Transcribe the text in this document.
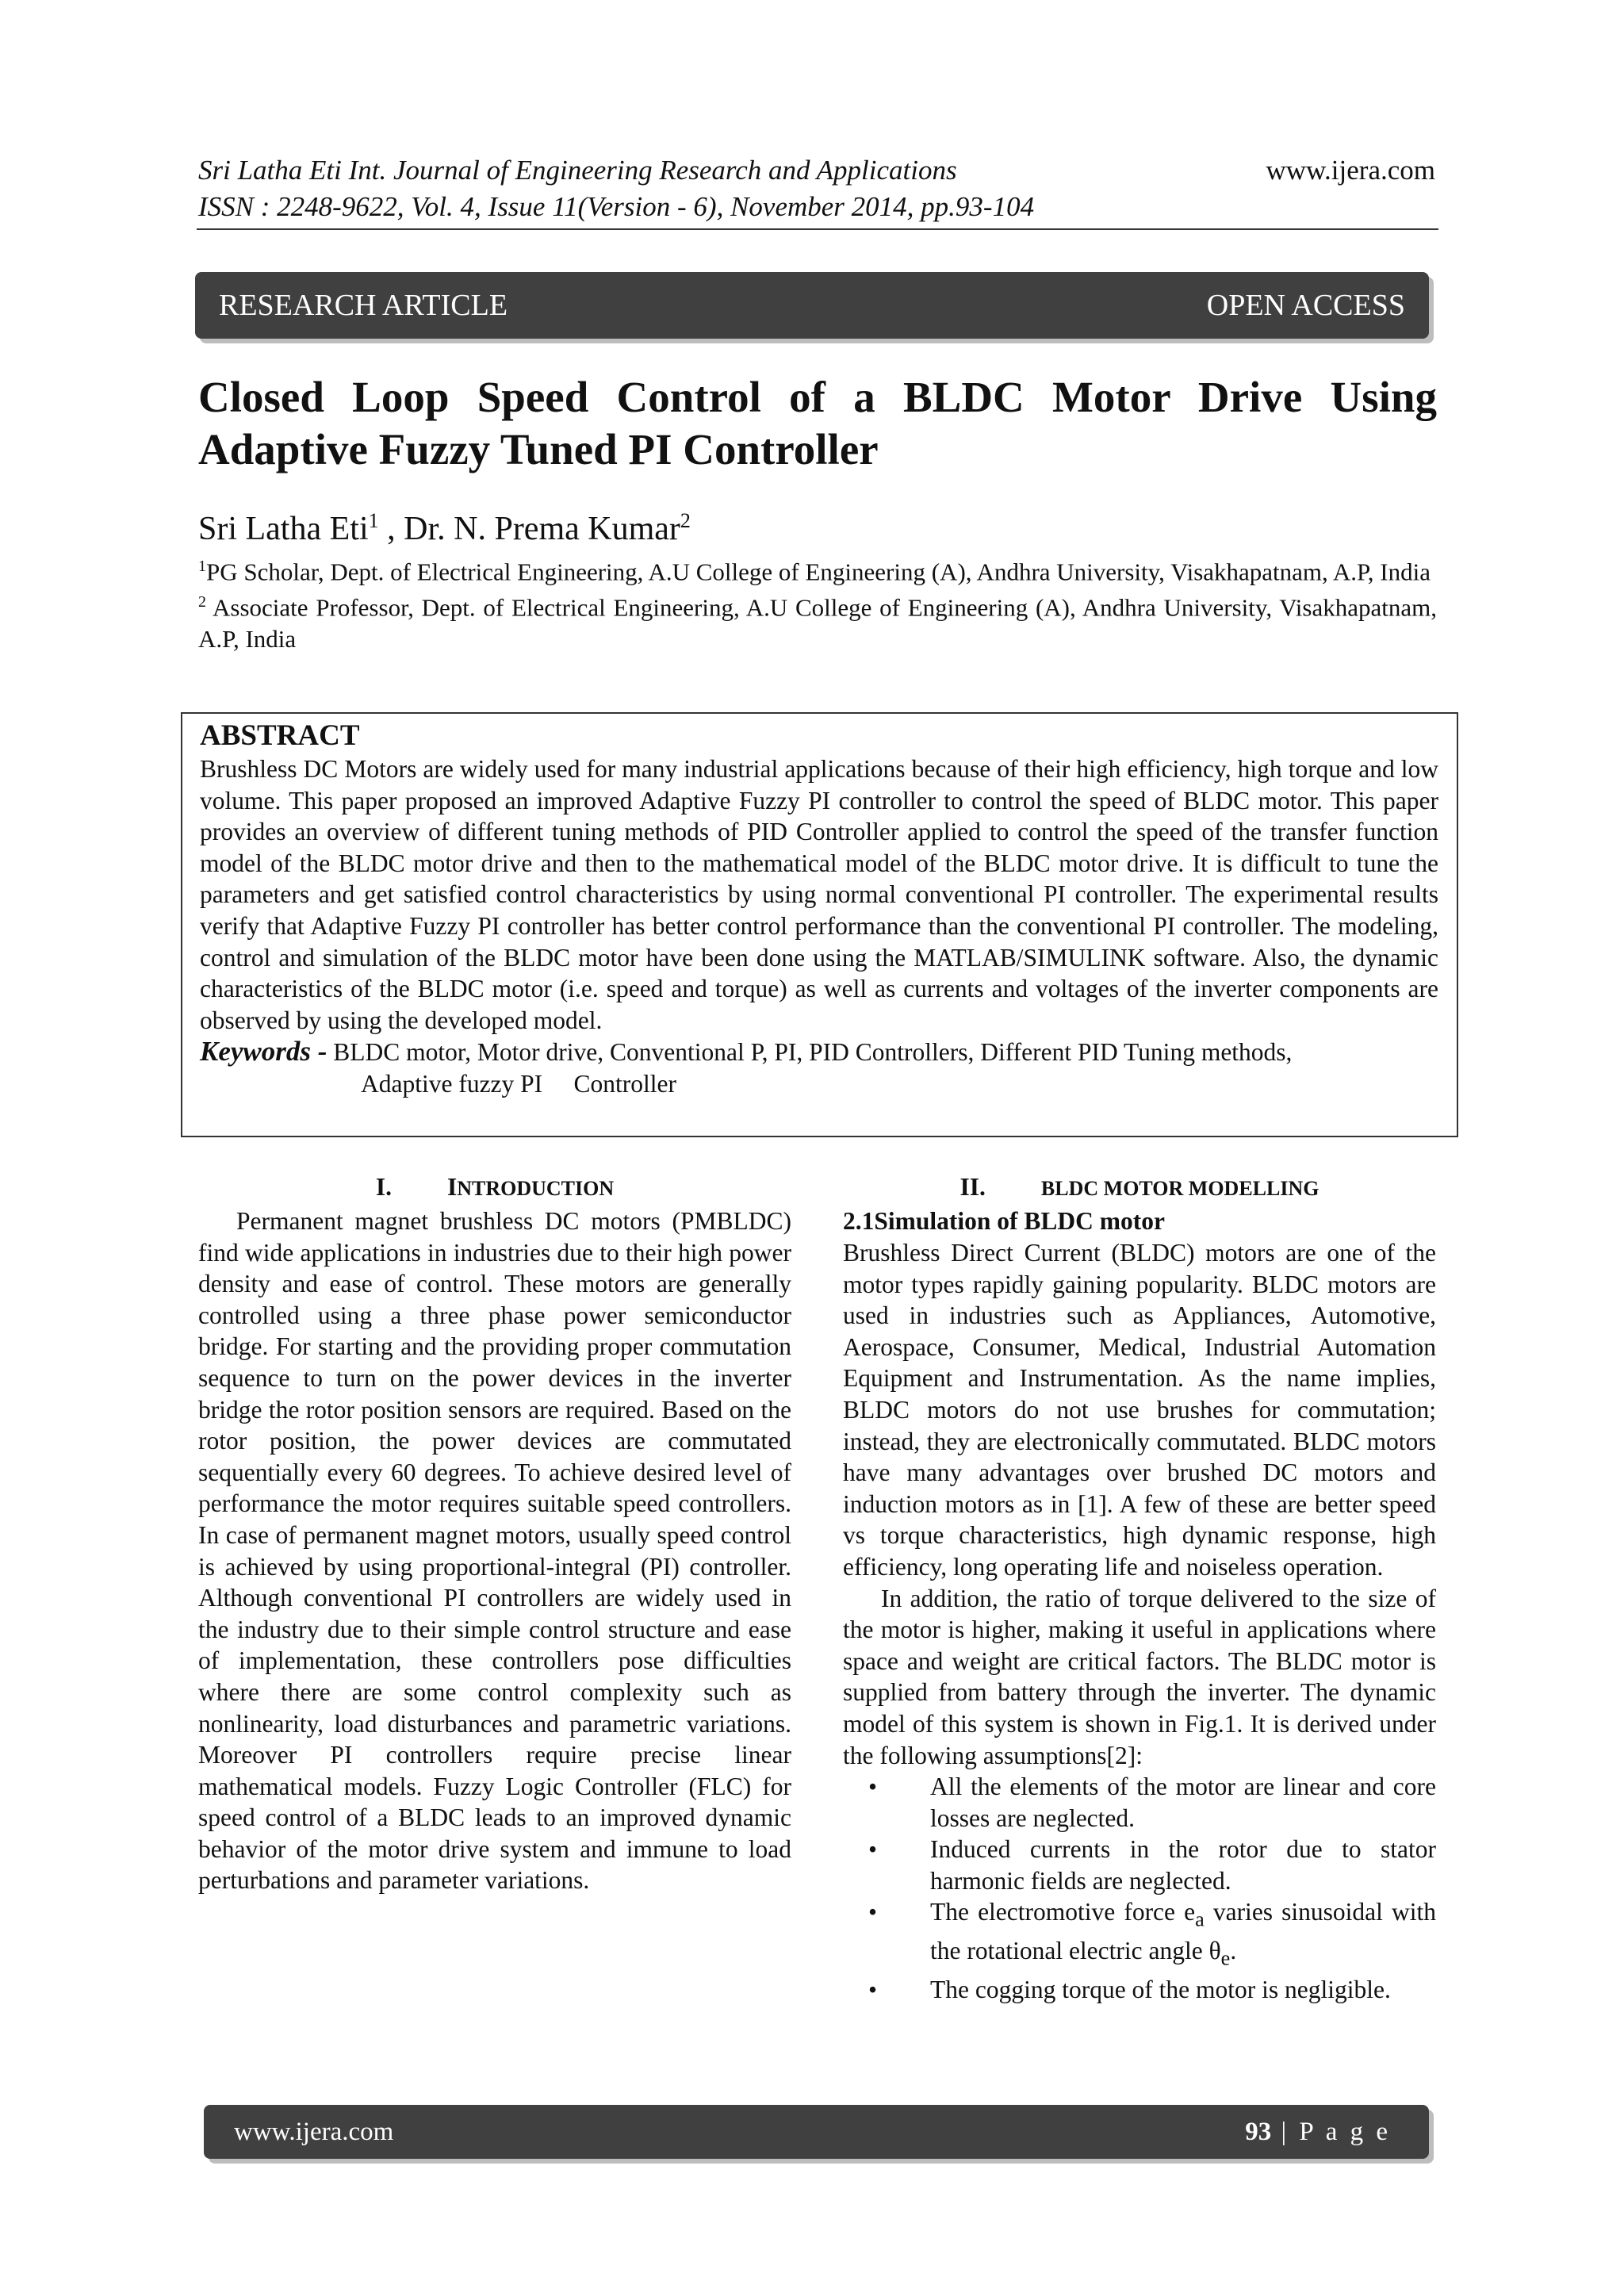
Sri Latha Eti Int. Journal of Engineering Research and Applications
ISSN : 2248-9622, Vol. 4, Issue 11(Version - 6), November 2014, pp.93-104
www.ijera.com
RESEARCH ARTICLE	OPEN ACCESS
Closed Loop Speed Control of a BLDC Motor Drive Using Adaptive Fuzzy Tuned PI Controller
Sri Latha Eti$^1$ , Dr. N. Prema Kumar$^2$

$^1$PG Scholar, Dept. of Electrical Engineering, A.U College of Engineering (A), Andhra University, Visakhapatnam, A.P, India

$^2$ Associate Professor, Dept. of Electrical Engineering, A.U College of Engineering (A), Andhra University, Visakhapatnam, A.P, India

ABSTRACT

Brushless DC Motors are widely used for many industrial applications because of their high efficiency, high torque and low volume. This paper proposed an improved Adaptive Fuzzy PI controller to control the speed of BLDC motor. This paper provides an overview of different tuning methods of PID Controller applied to control the speed of the transfer function model of the BLDC motor drive and then to the mathematical model of the BLDC motor drive. It is difficult to tune the parameters and get satisfied control characteristics by using normal conventional PI controller. The experimental results verify that Adaptive Fuzzy PI controller has better control performance than the conventional PI controller. The modeling, control and simulation of the BLDC motor have been done using the MATLAB/SIMULINK software. Also, the dynamic characteristics of the BLDC motor (i.e. speed and torque) as well as currents and voltages of the inverter components are observed by using the developed model.

Keywords - BLDC motor, Motor drive, Conventional P, PI, PID Controllers, Different PID Tuning methods,

Adaptive fuzzy PI     Controller

I. INTRODUCTION

Permanent magnet brushless DC motors (PMBLDC) find wide applications in industries due to their high power density and ease of control. These motors are generally controlled using a three phase power semiconductor bridge. For starting and the providing proper commutation sequence to turn on the power devices in the inverter bridge the rotor position sensors are required. Based on the rotor position, the power devices are commutated sequentially every 60 degrees. To achieve desired level of performance the motor requires suitable speed controllers. In case of permanent magnet motors, usually speed control is achieved by using proportional-integral (PI) controller. Although conventional PI controllers are widely used in the industry due to their simple control structure and ease of implementation, these controllers pose difficulties where there are some control complexity such as nonlinearity, load disturbances and parametric variations. Moreover PI controllers require precise linear mathematical models. Fuzzy Logic Controller (FLC) for speed control of a BLDC leads to an improved dynamic behavior of the motor drive system and immune to load perturbations and parameter variations.

II.	BLDC MOTOR MODELLING
2.1Simulation of BLDC motor

Brushless Direct Current (BLDC) motors are one of the motor types rapidly gaining popularity. BLDC motors are used in industries such as Appliances, Automotive, Aerospace, Consumer, Medical, Industrial Automation Equipment and Instrumentation. As the name implies, BLDC motors do not use brushes for commutation; instead, they are electronically commutated. BLDC motors have many advantages over brushed DC motors and induction motors as in [1]. A few of these are better speed vs torque characteristics, high dynamic response, high efficiency, long operating life and noiseless operation.

In addition, the ratio of torque delivered to the size of the motor is higher, making it useful in applications where space and weight are critical factors. The BLDC motor is supplied from battery through the inverter. The dynamic model of this system is shown in Fig.1. It is derived under the following assumptions[2]:

• All the elements of the motor are linear and core losses are neglected.
• Induced currents in the rotor due to stator harmonic fields are neglected.
• The electromotive force $e_a$ varies sinusoidal with the rotational electric angle $\theta_e$.
• The cogging torque of the motor is negligible.
www.ijera.com	93 | P a g e
